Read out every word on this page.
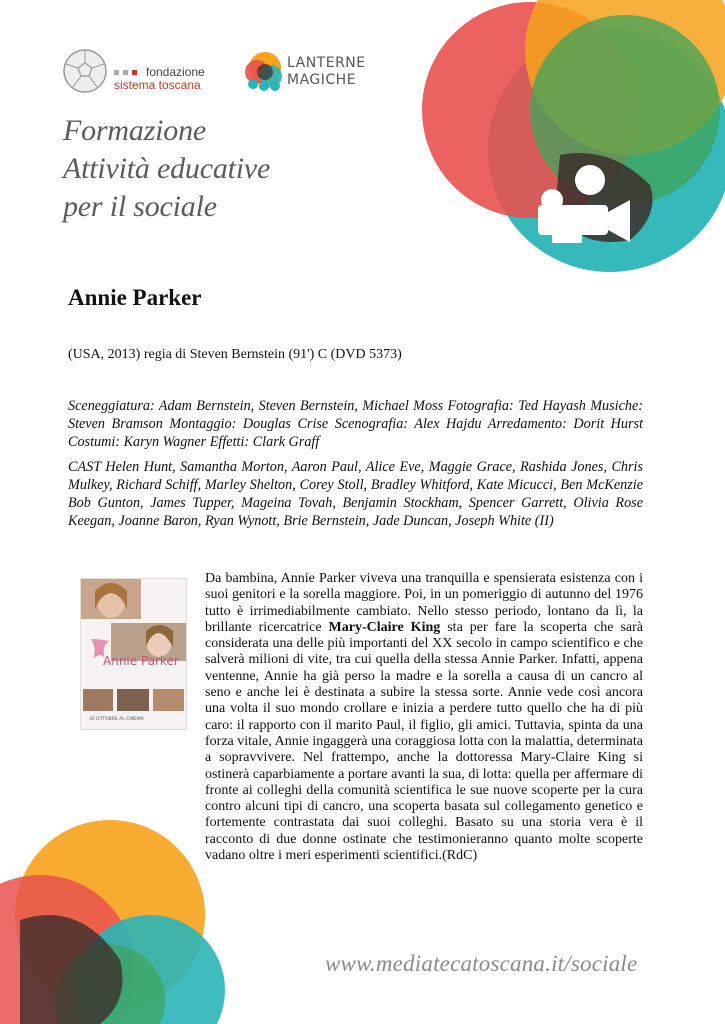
fondazione
sistema toscana
LANTERNE
MAGICHE
Formazione
Attività educative
per il sociale
Annie Parker
(USA, 2013) regia di Steven Bernstein (91') C (DVD 5373)
Sceneggiatura: Adam Bernstein, Steven Bernstein, Michael Moss Fotografia: Ted Hayash Musiche: Steven Bramson Montaggio: Douglas Crise Scenografia: Alex Hajdu Arredamento: Dorit Hurst Costumi: Karyn Wagner Effetti: Clark Graff
CAST Helen Hunt, Samantha Morton, Aaron Paul, Alice Eve, Maggie Grace, Rashida Jones, Chris Mulkey, Richard Schiff, Marley Shelton, Corey Stoll, Bradley Whitford, Kate Micucci, Ben McKenzie Bob Gunton, James Tupper, Mageina Tovah, Benjamin Stockham, Spencer Garrett, Olivia Rose Keegan, Joanne Baron, Ryan Wynott, Brie Bernstein, Jade Duncan, Joseph White (II)
Annie Parker
30 OTTOBRE AL CINEMA
Da bambina, Annie Parker viveva una tranquilla e spensierata esistenza con i suoi genitori e la sorella maggiore. Poi, in un pomeriggio di autunno del 1976 tutto è irrimediabilmente cambiato. Nello stesso periodo, lontano da lì, la brillante ricercatrice Mary-Claire King sta per fare la scoperta che sarà considerata una delle più importanti del XX secolo in campo scientifico e che salverà milioni di vite, tra cui quella della stessa Annie Parker. Infatti, appena ventenne, Annie ha già perso la madre e la sorella a causa di un cancro al seno e anche lei è destinata a subire la stessa sorte. Annie vede così ancora una volta il suo mondo crollare e inizia a perdere tutto quello che ha di più caro: il rapporto con il marito Paul, il figlio, gli amici. Tuttavia, spinta da una forza vitale, Annie ingaggerà una coraggiosa lotta con la malattia, determinata a sopravvivere. Nel frattempo, anche la dottoressa Mary-Claire King si ostinerà caparbiamente a portare avanti la sua, di lotta: quella per affermare di fronte ai colleghi della comunità scientifica le sue nuove scoperte per la cura contro alcuni tipi di cancro, una scoperta basata sul collegamento genetico e fortemente contrastata dai suoi colleghi. Basato su una storia vera è il racconto di due donne ostinate che testimonieranno quanto molte scoperte vadano oltre i meri esperimenti scientifici.(RdC)
www.mediatecatoscana.it/sociale
